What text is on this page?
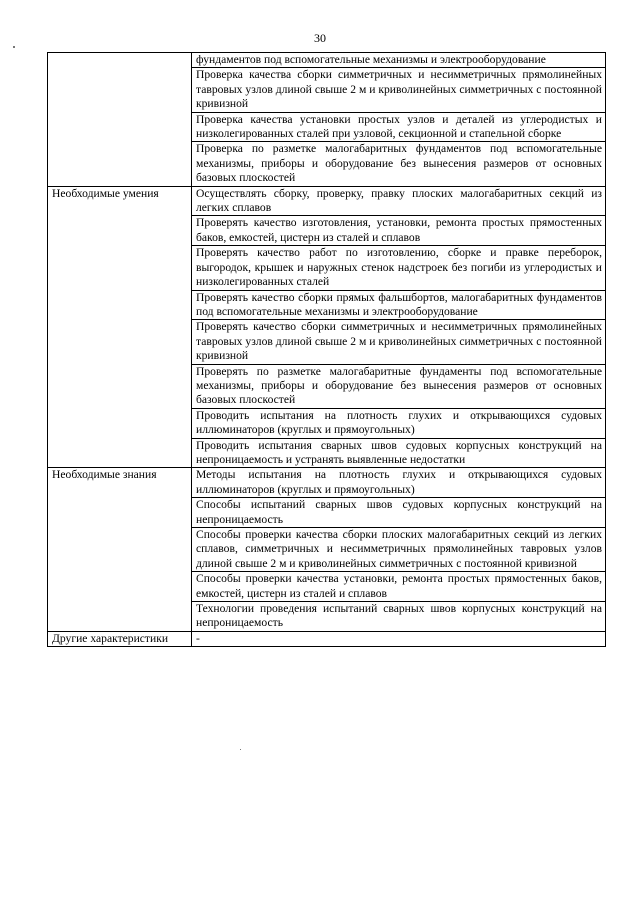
30
	фундаментов под вспомогательные механизмы и электрооборудование
	Проверка качества сборки симметричных и несимметричных прямолинейных тавровых узлов длиной свыше 2 м и криволинейных симметричных с постоянной кривизной
	Проверка качества установки простых узлов и деталей из углеродистых и низколегированных сталей при узловой, секционной и стапельной сборке
	Проверка по разметке малогабаритных фундаментов под вспомогательные механизмы, приборы и оборудование без вынесения размеров от основных базовых плоскостей
Необходимые умения	Осуществлять сборку, проверку, правку плоских малогабаритных секций из легких сплавов
	Проверять качество изготовления, установки, ремонта простых прямостенных баков, емкостей, цистерн из сталей и сплавов
	Проверять качество работ по изготовлению, сборке и правке переборок, выгородок, крышек и наружных стенок надстроек без погиби из углеродистых и низколегированных сталей
	Проверять качество сборки прямых фальшбортов, малогабаритных фундаментов под вспомогательные механизмы и электрооборудование
	Проверять качество сборки симметричных и несимметричных прямолинейных тавровых узлов длиной свыше 2 м и криволинейных симметричных с постоянной кривизной
	Проверять по разметке малогабаритные фундаменты под вспомогательные механизмы, приборы и оборудование без вынесения размеров от основных базовых плоскостей
	Проводить испытания на плотность глухих и открывающихся судовых иллюминаторов (круглых и прямоугольных)
	Проводить испытания сварных швов судовых корпусных конструкций на непроницаемость и устранять выявленные недостатки
Необходимые знания	Методы испытания на плотность глухих и открывающихся судовых иллюминаторов (круглых и прямоугольных)
	Способы испытаний сварных швов судовых корпусных конструкций на непроницаемость
	Способы проверки качества сборки плоских малогабаритных секций из легких сплавов, симметричных и несимметричных прямолинейных тавровых узлов длиной свыше 2 м и криволинейных симметричных с постоянной кривизной
	Способы проверки качества установки, ремонта простых прямостенных баков, емкостей, цистерн из сталей и сплавов
	Технологии проведения испытаний сварных швов корпусных конструкций на непроницаемость
Другие характеристики	-
